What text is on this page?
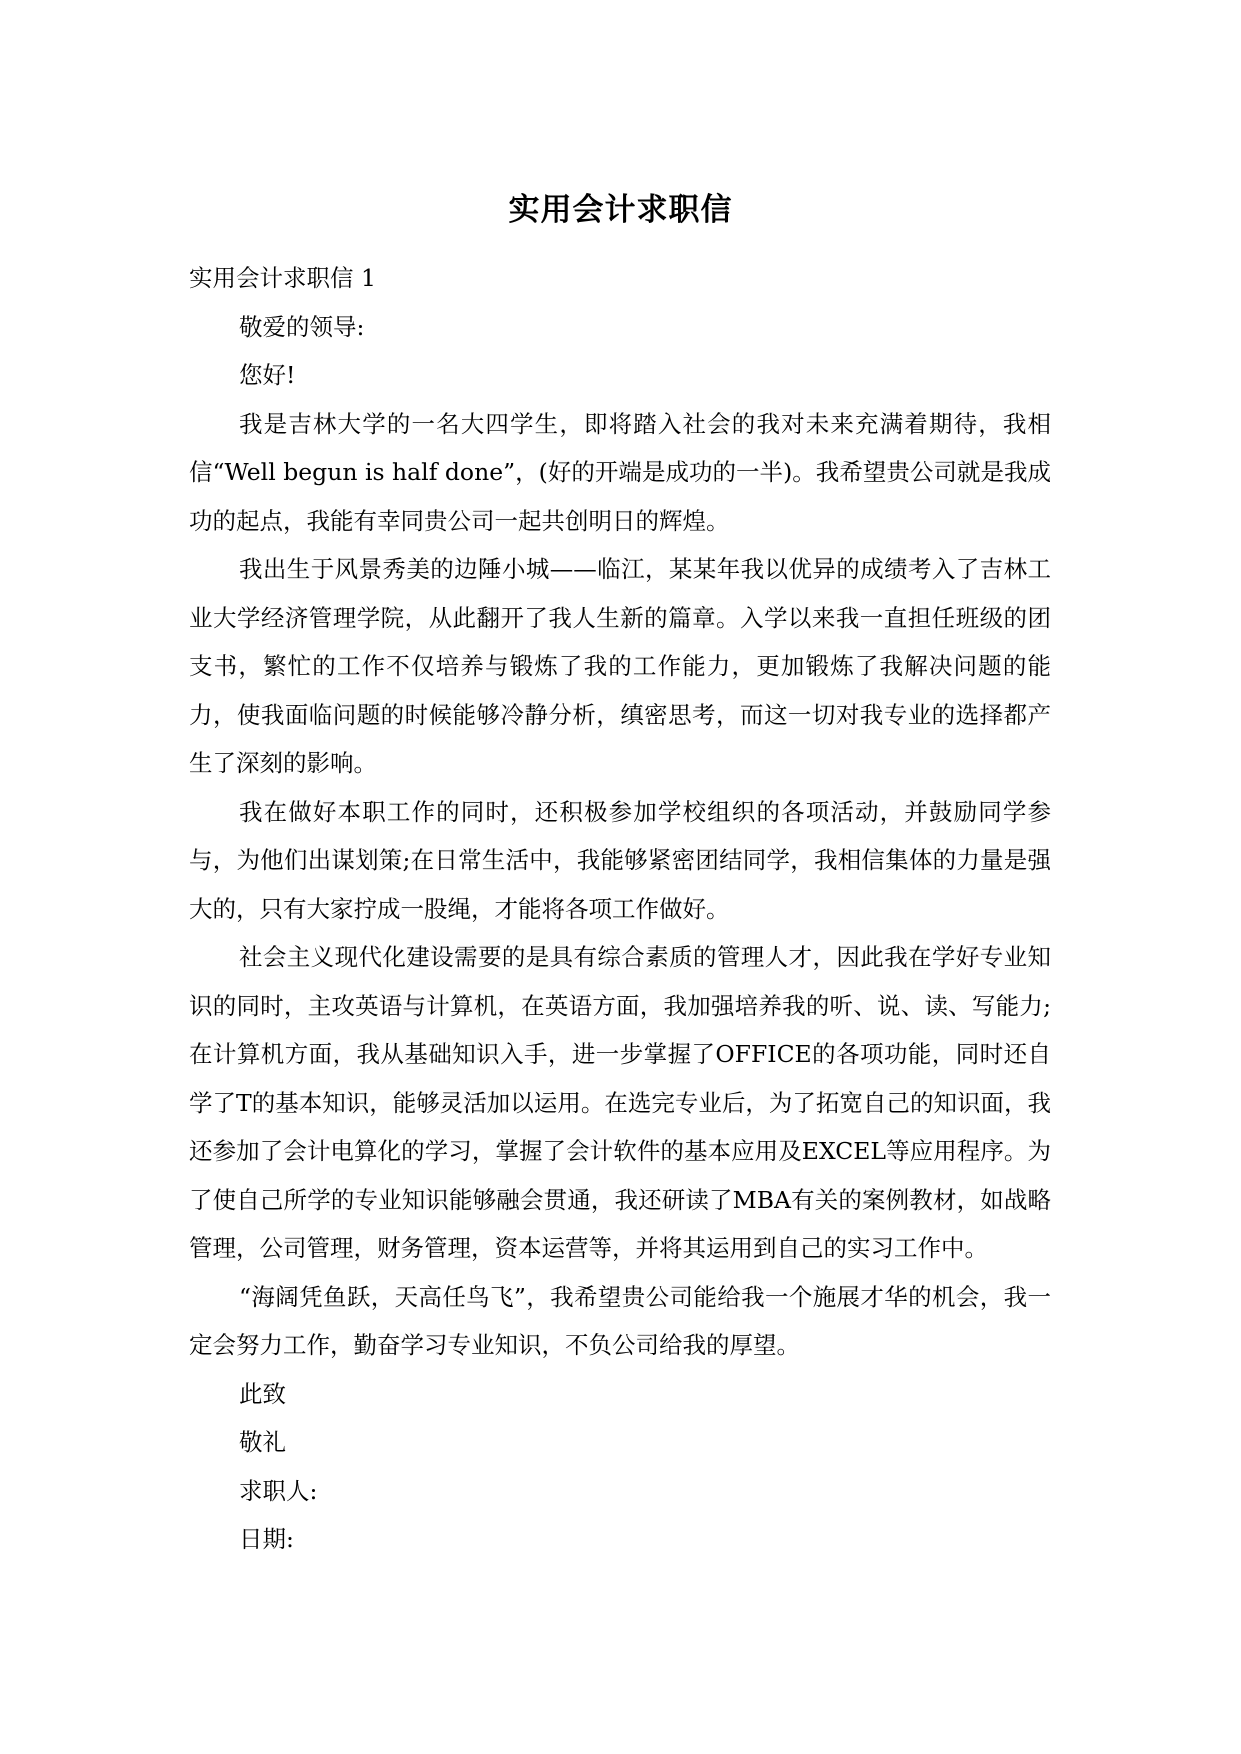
实用会计求职信

实用会计求职信 1

敬爱的领导:

您好!

我是吉林大学的一名大四学生，即将踏入社会的我对未来充满着期待，我相信“Well begun is half done”，(好的开端是成功的一半)。我希望贵公司就是我成功的起点，我能有幸同贵公司一起共创明日的辉煌。

我出生于风景秀美的边陲小城——临江，某某年我以优异的成绩考入了吉林工业大学经济管理学院，从此翻开了我人生新的篇章。入学以来我一直担任班级的团支书，繁忙的工作不仅培养与锻炼了我的工作能力，更加锻炼了我解决问题的能力，使我面临问题的时候能够冷静分析，缜密思考，而这一切对我专业的选择都产生了深刻的影响。

我在做好本职工作的同时，还积极参加学校组织的各项活动，并鼓励同学参与，为他们出谋划策;在日常生活中，我能够紧密团结同学，我相信集体的力量是强大的，只有大家拧成一股绳，才能将各项工作做好。

社会主义现代化建设需要的是具有综合素质的管理人才，因此我在学好专业知识的同时，主攻英语与计算机，在英语方面，我加强培养我的听、说、读、写能力;在计算机方面，我从基础知识入手，进一步掌握了OFFICE的各项功能，同时还自学了T的基本知识，能够灵活加以运用。在选完专业后，为了拓宽自己的知识面，我还参加了会计电算化的学习，掌握了会计软件的基本应用及EXCEL等应用程序。为了使自己所学的专业知识能够融会贯通，我还研读了MBA有关的案例教材，如战略管理，公司管理，财务管理，资本运营等，并将其运用到自己的实习工作中。

“海阔凭鱼跃，天高任鸟飞”，我希望贵公司能给我一个施展才华的机会，我一定会努力工作，勤奋学习专业知识，不负公司给我的厚望。

此致

敬礼

求职人:

日期:
